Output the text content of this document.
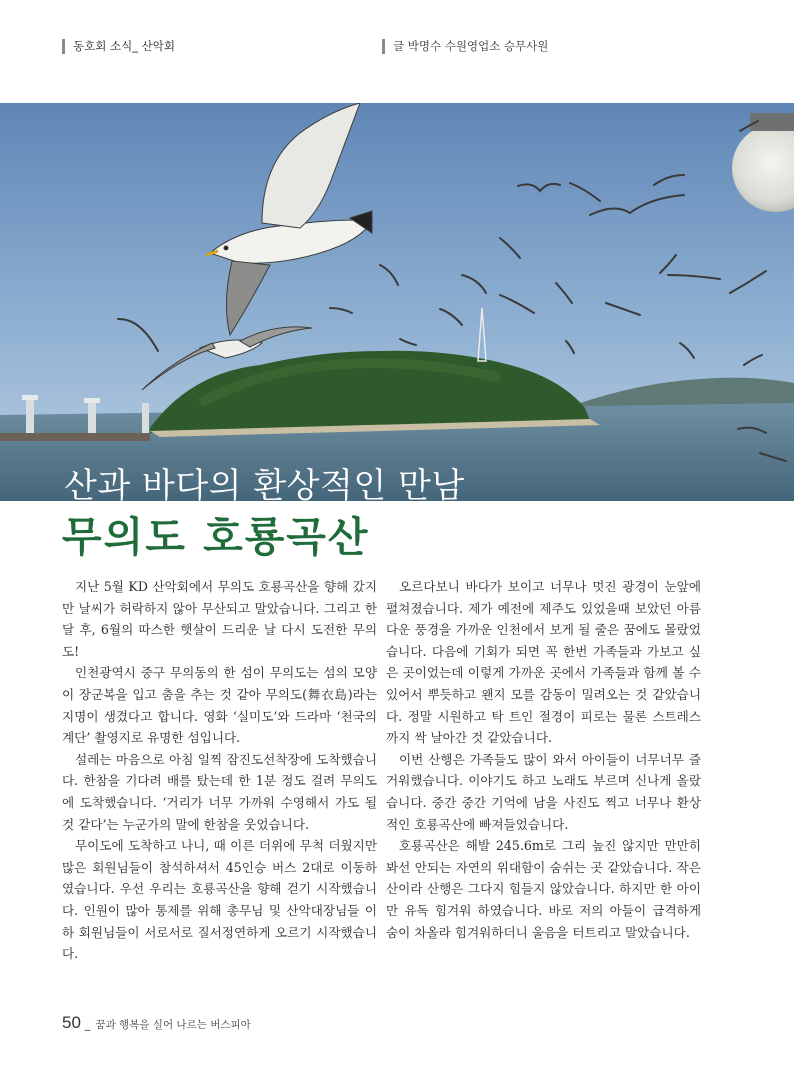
동호회 소식_ 산악회	글 박명수 수원영업소 승무사원
산과 바다의 환상적인 만남
무의도 호룡곡산

지난 5월 KD 산악회에서 무의도 호룡곡산을 향해 갔지만 날씨가 허락하지 않아 무산되고 말았습니다. 그리고 한 달 후, 6월의 따스한 햇살이 드리운 날 다시 도전한 무의도!

인천광역시 중구 무의동의 한 섬이 무의도는 섬의 모양이 장군복을 입고 춤을 추는 것 같아 무의도(舞衣島)라는 지명이 생겼다고 합니다. 영화 ‘실미도’와 드라마 ‘천국의 계단’ 촬영지로 유명한 섬입니다.

설레는 마음으로 아침 일찍 잠진도선착장에 도착했습니다. 한참을 기다려 배를 탔는데 한 1분 정도 걸려 무의도에 도착했습니다. ‘거리가 너무 가까워 수영해서 가도 될 것 같다’는 누군가의 말에 한참을 웃었습니다.

무이도에 도착하고 나니, 때 이른 더위에 무척 더웠지만 많은 회원님들이 참석하셔서 45인승 버스 2대로 이동하였습니다. 우선 우리는 호룡곡산을 향해 걷기 시작했습니다. 인원이 많아 통제를 위해 총무님 및 산악대장님들 이하 회원님들이 서로서로 질서정연하게 오르기 시작했습니다.

오르다보니 바다가 보이고 너무나 멋진 광경이 눈앞에 펼쳐졌습니다. 제가 예전에 제주도 있었을때 보았던 아름다운 풍경을 가까운 인천에서 보게 될 줄은 꿈에도 몰랐었습니다. 다음에 기회가 되면 꼭 한번 가족들과 가보고 싶은 곳이었는데 이렇게 가까운 곳에서 가족들과 함께 볼 수 있어서 뿌듯하고 왠지 모를 감동이 밀려오는 것 같았습니다. 정말 시원하고 탁 트인 절경이 피로는 물론 스트레스까지 싹 날아간 것 같았습니다.

이번 산행은 가족들도 많이 와서 아이들이 너무너무 즐거워했습니다. 이야기도 하고 노래도 부르며 신나게 올랐습니다. 중간 중간 기억에 남을 사진도 찍고 너무나 환상적인 호룡곡산에 빠져들었습니다.

호룡곡산은 해발 245.6m로 그리 높진 않지만 만만히 봐선 안되는 자연의 위대함이 숨쉬는 곳 같았습니다. 작은 산이라 산행은 그다지 힘들지 않았습니다. 하지만 한 아이만 유독 힘겨워 하였습니다. 바로 저의 아들이 급격하게 숨이 차올라 힘겨워하더니 울음을 터트리고 말았습니다.

50 _ 꿈과 행복을 실어 나르는 버스피아
